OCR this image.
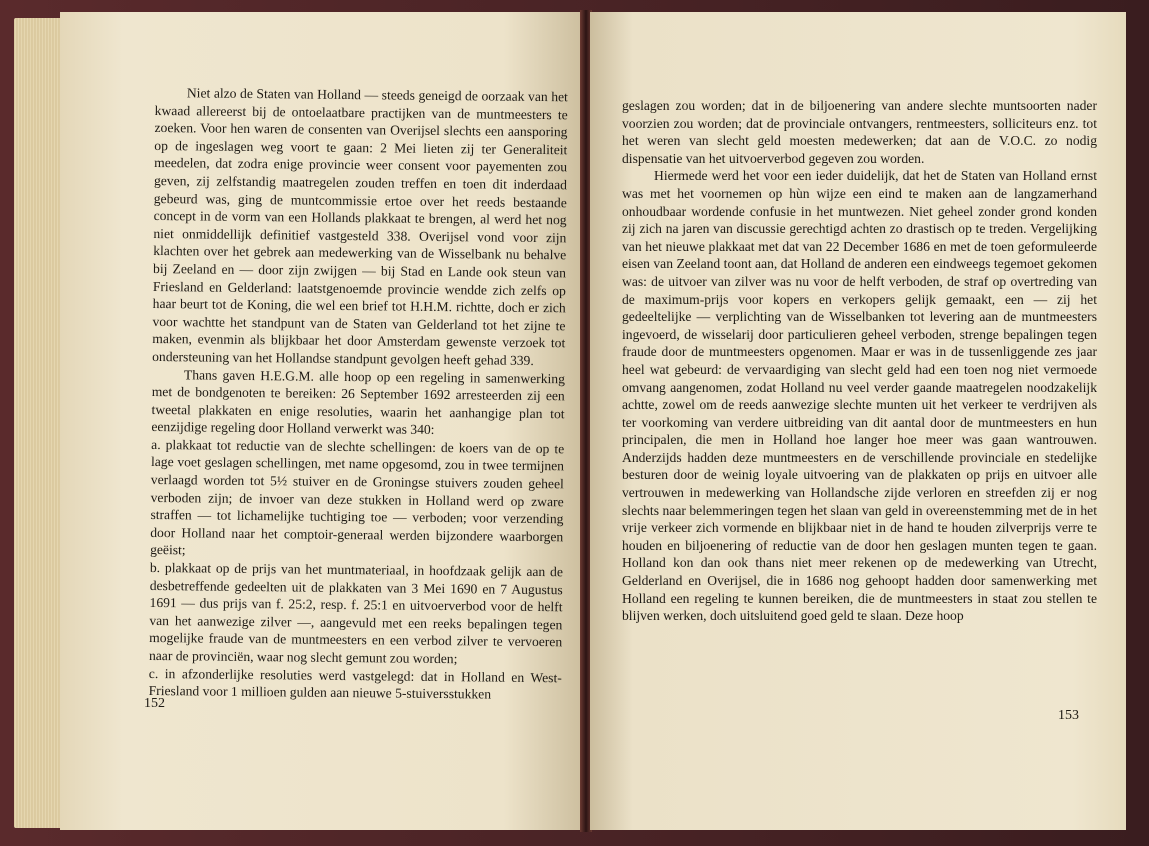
Niet alzo de Staten van Holland — steeds geneigd de oorzaak van het kwaad allereerst bij de ontoelaatbare practijken van de muntmeesters te zoeken. Voor hen waren de consenten van Overijsel slechts een aansporing op de ingeslagen weg voort te gaan: 2 Mei lieten zij ter Generaliteit meedelen, dat zodra enige provincie weer consent voor payementen zou geven, zij zelfstandig maatregelen zouden treffen en toen dit inderdaad gebeurd was, ging de muntcommissie ertoe over het reeds bestaande concept in de vorm van een Hollands plakkaat te brengen, al werd het nog niet onmiddellijk definitief vastgesteld 338. Overijsel vond voor zijn klachten over het gebrek aan medewerking van de Wisselbank nu behalve bij Zeeland en — door zijn zwijgen — bij Stad en Lande ook steun van Friesland en Gelderland: laatstgenoemde provincie wendde zich zelfs op haar beurt tot de Koning, die wel een brief tot H.H.M. richtte, doch er zich voor wachtte het standpunt van de Staten van Gelderland tot het zijne te maken, evenmin als blijkbaar het door Amsterdam gewenste verzoek tot ondersteuning van het Hollandse standpunt gevolgen heeft gehad 339.

Thans gaven H.E.G.M. alle hoop op een regeling in samenwerking met de bondgenoten te bereiken: 26 September 1692 arresteerden zij een tweetal plakkaten en enige resoluties, waarin het aanhangige plan tot eenzijdige regeling door Holland verwerkt was 340:

a. plakkaat tot reductie van de slechte schellingen: de koers van de op te lage voet geslagen schellingen, met name opgesomd, zou in twee termijnen verlaagd worden tot 5½ stuiver en de Groningse stuivers zouden geheel verboden zijn; de invoer van deze stukken in Holland werd op zware straffen — tot lichamelijke tuchtiging toe — verboden; voor verzending door Holland naar het comptoir-generaal werden bijzondere waarborgen geëist;

b. plakkaat op de prijs van het muntmateriaal, in hoofdzaak gelijk aan de desbetreffende gedeelten uit de plakkaten van 3 Mei 1690 en 7 Augustus 1691 — dus prijs van f. 25:2, resp. f. 25:1 en uitvoerverbod voor de helft van het aanwezige zilver —, aangevuld met een reeks bepalingen tegen mogelijke fraude van de muntmeesters en een verbod zilver te vervoeren naar de provinciën, waar nog slecht gemunt zou worden;

c. in afzonderlijke resoluties werd vastgelegd: dat in Holland en West-Friesland voor 1 millioen gulden aan nieuwe 5-stuiversstukken

152

geslagen zou worden; dat in de biljoenering van andere slechte muntsoorten nader voorzien zou worden; dat de provinciale ontvangers, rentmeesters, solliciteurs enz. tot het weren van slecht geld moesten medewerken; dat aan de V.O.C. zo nodig dispensatie van het uitvoerverbod gegeven zou worden.

Hiermede werd het voor een ieder duidelijk, dat het de Staten van Holland ernst was met het voornemen op hùn wijze een eind te maken aan de langzamerhand onhoudbaar wordende confusie in het muntwezen. Niet geheel zonder grond konden zij zich na jaren van discussie gerechtigd achten zo drastisch op te treden. Vergelijking van het nieuwe plakkaat met dat van 22 December 1686 en met de toen geformuleerde eisen van Zeeland toont aan, dat Holland de anderen een eindweegs tegemoet gekomen was: de uitvoer van zilver was nu voor de helft verboden, de straf op overtreding van de maximum-prijs voor kopers en verkopers gelijk gemaakt, een — zij het gedeeltelijke — verplichting van de Wisselbanken tot levering aan de muntmeesters ingevoerd, de wisselarij door particulieren geheel verboden, strenge bepalingen tegen fraude door de muntmeesters opgenomen. Maar er was in de tussenliggende zes jaar heel wat gebeurd: de vervaardiging van slecht geld had een toen nog niet vermoede omvang aangenomen, zodat Holland nu veel verder gaande maatregelen noodzakelijk achtte, zowel om de reeds aanwezige slechte munten uit het verkeer te verdrijven als ter voorkoming van verdere uitbreiding van dit aantal door de muntmeesters en hun principalen, die men in Holland hoe langer hoe meer was gaan wantrouwen. Anderzijds hadden deze muntmeesters en de verschillende provinciale en stedelijke besturen door de weinig loyale uitvoering van de plakkaten op prijs en uitvoer alle vertrouwen in medewerking van Hollandsche zijde verloren en streefden zij er nog slechts naar belemmeringen tegen het slaan van geld in overeenstemming met de in het vrije verkeer zich vormende en blijkbaar niet in de hand te houden zilverprijs verre te houden en biljoenering of reductie van de door hen geslagen munten tegen te gaan. Holland kon dan ook thans niet meer rekenen op de medewerking van Utrecht, Gelderland en Overijsel, die in 1686 nog gehoopt hadden door samenwerking met Holland een regeling te kunnen bereiken, die de muntmeesters in staat zou stellen te blijven werken, doch uitsluitend goed geld te slaan. Deze hoop

153
